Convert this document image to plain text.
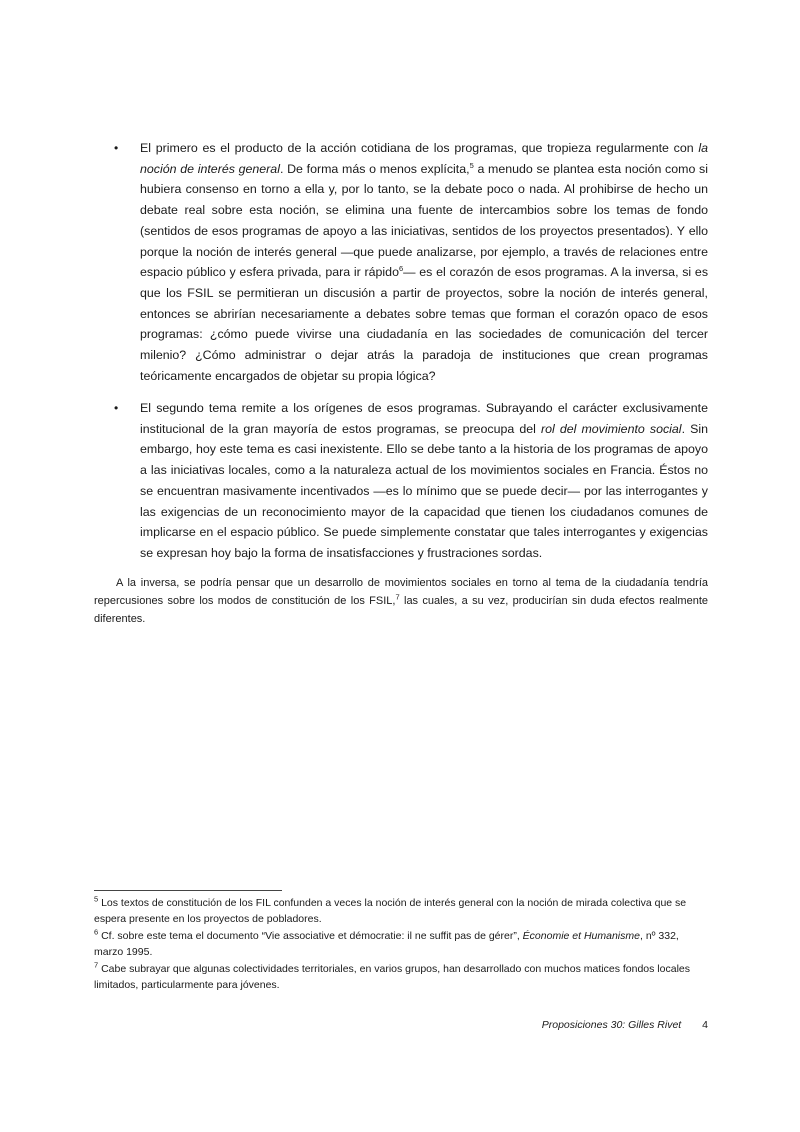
• El primero es el producto de la acción cotidiana de los programas, que tropieza regularmente con la noción de interés general. De forma más o menos explícita,$^5$ a menudo se plantea esta noción como si hubiera consenso en torno a ella y, por lo tanto, se la debate poco o nada. Al prohibirse de hecho un debate real sobre esta noción, se elimina una fuente de intercambios sobre los temas de fondo (sentidos de esos programas de apoyo a las iniciativas, sentidos de los proyectos presentados). Y ello porque la noción de interés general —que puede analizarse, por ejemplo, a través de relaciones entre espacio público y esfera privada, para ir rápido$^6$— es el corazón de esos programas. A la inversa, si es que los FSIL se permitieran un discusión a partir de proyectos, sobre la noción de interés general, entonces se abrirían necesariamente a debates sobre temas que forman el corazón opaco de esos programas: ¿cómo puede vivirse una ciudadanía en las sociedades de comunicación del tercer milenio? ¿Cómo administrar o dejar atrás la paradoja de instituciones que crean programas teóricamente encargados de objetar su propia lógica?

• El segundo tema remite a los orígenes de esos programas. Subrayando el carácter exclusivamente institucional de la gran mayoría de estos programas, se preocupa del rol del movimiento social. Sin embargo, hoy este tema es casi inexistente. Ello se debe tanto a la historia de los programas de apoyo a las iniciativas locales, como a la naturaleza actual de los movimientos sociales en Francia. Éstos no se encuentran masivamente incentivados —es lo mínimo que se puede decir— por las interrogantes y las exigencias de un reconocimiento mayor de la capacidad que tienen los ciudadanos comunes de implicarse en el espacio público. Se puede simplemente constatar que tales interrogantes y exigencias se expresan hoy bajo la forma de insatisfacciones y frustraciones sordas.

A la inversa, se podría pensar que un desarrollo de movimientos sociales en torno al tema de la ciudadanía tendría repercusiones sobre los modos de constitución de los FSIL,$^7$ las cuales, a su vez, producirían sin duda efectos realmente diferentes.

$^5$ Los textos de constitución de los FIL confunden a veces la noción de interés general con la noción de mirada colectiva que se espera presente en los proyectos de pobladores.

$^6$ Cf. sobre este tema el documento “Vie associative et démocratie: il ne suffit pas de gérer”, Économie et Humanisme, nº 332, marzo 1995.

$^7$ Cabe subrayar que algunas colectividades territoriales, en varios grupos, han desarrollado con muchos matices fondos locales limitados, particularmente para jóvenes.

Proposiciones 30: Gilles Rivet 4
